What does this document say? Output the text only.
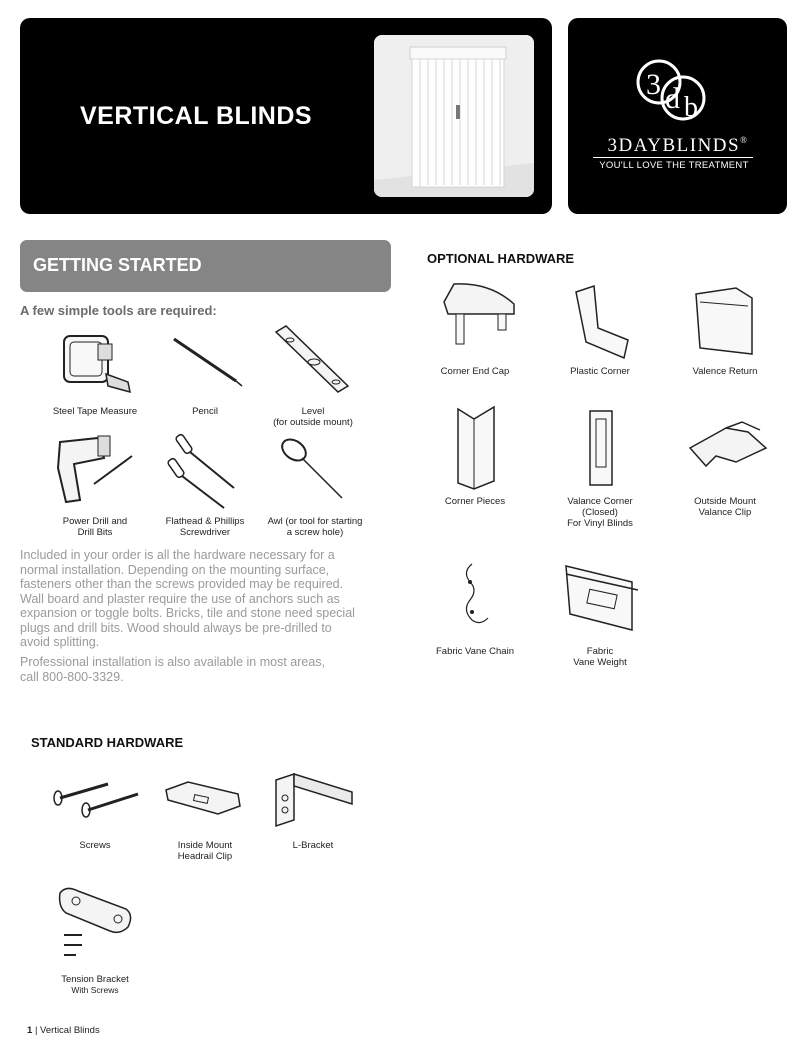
VERTICAL BLINDS
3 d b
3DAYBLINDS®
YOU'LL LOVE THE TREATMENT
GETTING STARTED
A few simple tools are required:
Steel Tape Measure	Pencil	Level
(for outside mount)
Power Drill and
Drill Bits
Flathead & Phillips
Screwdriver
Awl (or tool for starting
a screw hole)
Included in your order is all the hardware necessary for a
normal installation. Depending on the mounting surface,
fasteners other than the screws provided may be required.
Wall board and plaster require the use of anchors such as
expansion or toggle bolts. Bricks, tile and stone need special
plugs and drill bits. Wood should always be pre-drilled to
avoid splitting.
Professional installation is also available in most areas,
call 800-800-3329.
STANDARD HARDWARE
Screws	Inside Mount
Headrail Clip
L-Bracket
Tension Bracket
With Screws
OPTIONAL HARDWARE
Corner End Cap	Plastic Corner	Valence Return
Corner Pieces	Valance Corner
(Closed)
For Vinyl Blinds
Outside Mount
Valance Clip
Fabric Vane Chain	Fabric
Vane Weight
1 | Vertical Blinds
